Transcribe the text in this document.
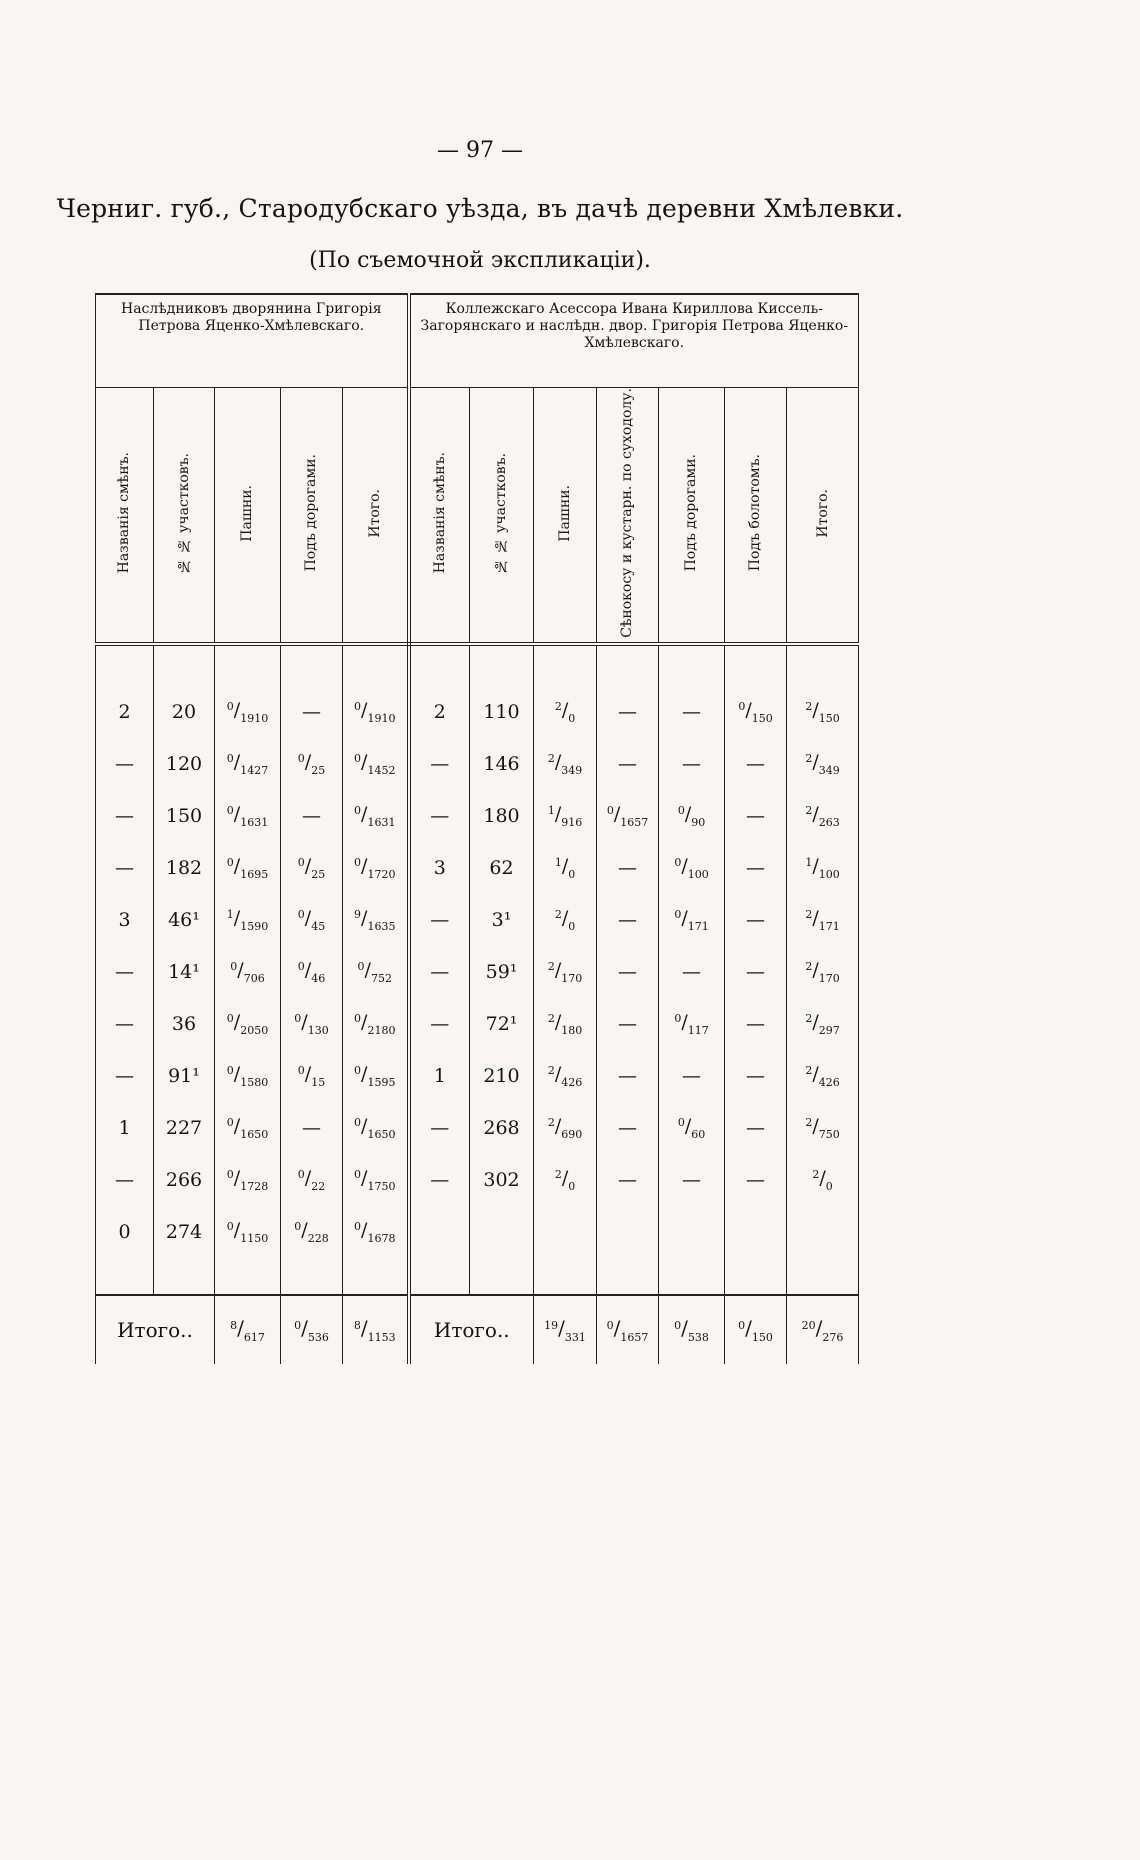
— 97 —
Черниг. губ., Стародубскаго уѣзда, въ дачѣ деревни Хмѣлевки.
(По съемочной экспликаціи).
Наслѣдниковъ дворянина Григорія Петрова Яценко-Хмѣлевскаго.					Коллежскаго Асессора Ивана Кириллова Киссель-Загорянскаго и наслѣдн. двор. Григорія Петрова Яценко-Хмѣлевскаго.						
Названія смѣнъ.	№ № участковъ.	Пашни.	Подъ дорогами.	Итого.	Названія смѣнъ.	№ № участковъ.	Пашни.	Сѣнокосу и кустарн. по суходолу.	Подъ дорогами.	Подъ болотомъ.	Итого.

2	20	$^0/_{1910}$	—	$^0/_{1910}$	2	110	$^2/_0$	—	—	$^0/_{150}$	$^2/_{150}$
—	120	$^0/_{1427}$	$^0/_{25}$	$^0/_{1452}$	—	146	$^2/_{349}$	—	—	—	$^2/_{349}$
—	150	$^0/_{1631}$	—	$^0/_{1631}$	—	180	$^1/_{916}$	$^0/_{1657}$	$^0/_{90}$	—	$^2/_{263}$
—	182	$^0/_{1695}$	$^0/_{25}$	$^0/_{1720}$	3	62	$^1/_0$	—	$^0/_{100}$	—	$^1/_{100}$
3	46¹	$^1/_{1590}$	$^0/_{45}$	$^9/_{1635}$	—	3¹	$^2/_0$	—	$^0/_{171}$	—	$^2/_{171}$
—	14¹	$^0/_{706}$	$^0/_{46}$	$^0/_{752}$	—	59¹	$^2/_{170}$	—	—	—	$^2/_{170}$
—	36	$^0/_{2050}$	$^0/_{130}$	$^0/_{2180}$	—	72¹	$^2/_{180}$	—	$^0/_{117}$	—	$^2/_{297}$
—	91¹	$^0/_{1580}$	$^0/_{15}$	$^0/_{1595}$	1	210	$^2/_{426}$	—	—	—	$^2/_{426}$
1	227	$^0/_{1650}$	—	$^0/_{1650}$	—	268	$^2/_{690}$	—	$^0/_{60}$	—	$^2/_{750}$
—	266	$^0/_{1728}$	$^0/_{22}$	$^0/_{1750}$	—	302	$^2/_0$	—	—	—	$^2/_0$
0	274	$^0/_{1150}$	$^0/_{228}$	$^0/_{1678}$							

Итого..		$^8/_{617}$	$^0/_{536}$	$^8/_{1153}$	Итого..		$^{19}/_{331}$	$^0/_{1657}$	$^0/_{538}$	$^0/_{150}$	$^{20}/_{276}$
